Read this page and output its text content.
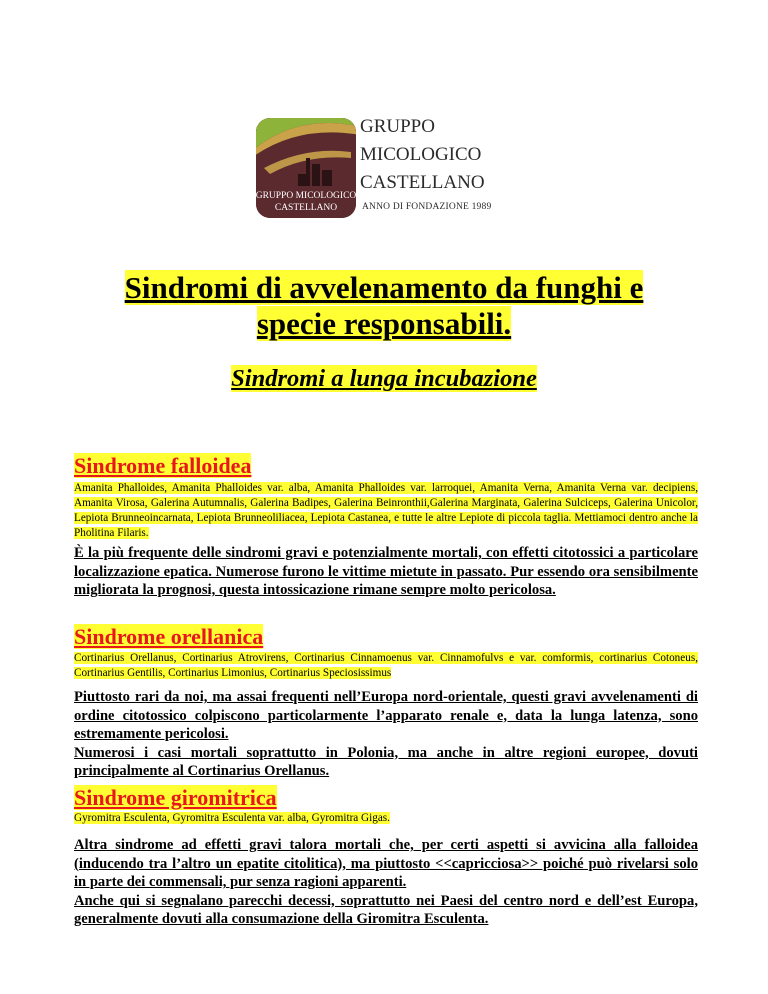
GRUPPO MICOLOGICO
CASTELLANO
GRUPPO
MICOLOGICO
CASTELLANO
ANNO DI FONDAZIONE 1989
Sindromi di avvelenamento da funghi e
specie responsabili.
Sindromi a lunga incubazione
Sindrome falloidea
Amanita Phalloides, Amanita Phalloides var. alba, Amanita Phalloides var. larroquei, Amanita Verna, Amanita Verna var. decipiens, Amanita Virosa, Galerina Autumnalis, Galerina Badipes, Galerina Beinronthii,Galerina Marginata, Galerina Sulciceps, Galerina Unicolor, Lepiota Brunneoincarnata, Lepiota Brunneoliliacea, Lepiota Castanea, e tutte le altre Lepiote di piccola taglia. Mettiamoci dentro anche la Pholitina Filaris.

È la più frequente delle sindromi gravi e potenzialmente mortali, con effetti citotossici a particolare localizzazione epatica. Numerose furono le vittime mietute in passato. Pur essendo ora sensibilmente migliorata la prognosi, questa intossicazione rimane sempre molto pericolosa.

Sindrome orellanica
Cortinarius Orellanus, Cortinarius Atrovirens, Cortinarius Cinnamoenus var. Cinnamofulvs e var. comformis, cortinarius Cotoneus, Cortinarius Gentilis, Cortinarius Limonius, Cortinarius Speciosissimus

Piuttosto rari da noi, ma assai frequenti nell’Europa nord-orientale, questi gravi avvelenamenti di ordine citotossico colpiscono particolarmente l’apparato renale e, data la lunga latenza, sono estremamente pericolosi.

Numerosi i casi mortali soprattutto in Polonia, ma anche in altre regioni europee, dovuti principalmente al Cortinarius Orellanus.

Sindrome giromitrica
Gyromitra Esculenta, Gyromitra Esculenta var. alba, Gyromitra Gigas.

Altra sindrome ad effetti gravi talora mortali che, per certi aspetti si avvicina alla falloidea (inducendo tra l’altro un epatite citolitica), ma piuttosto <<capricciosa>> poiché può rivelarsi solo in parte dei commensali, pur senza ragioni apparenti.

Anche qui si segnalano parecchi decessi, soprattutto nei Paesi del centro nord e dell’est Europa, generalmente dovuti alla consumazione della Giromitra Esculenta.
